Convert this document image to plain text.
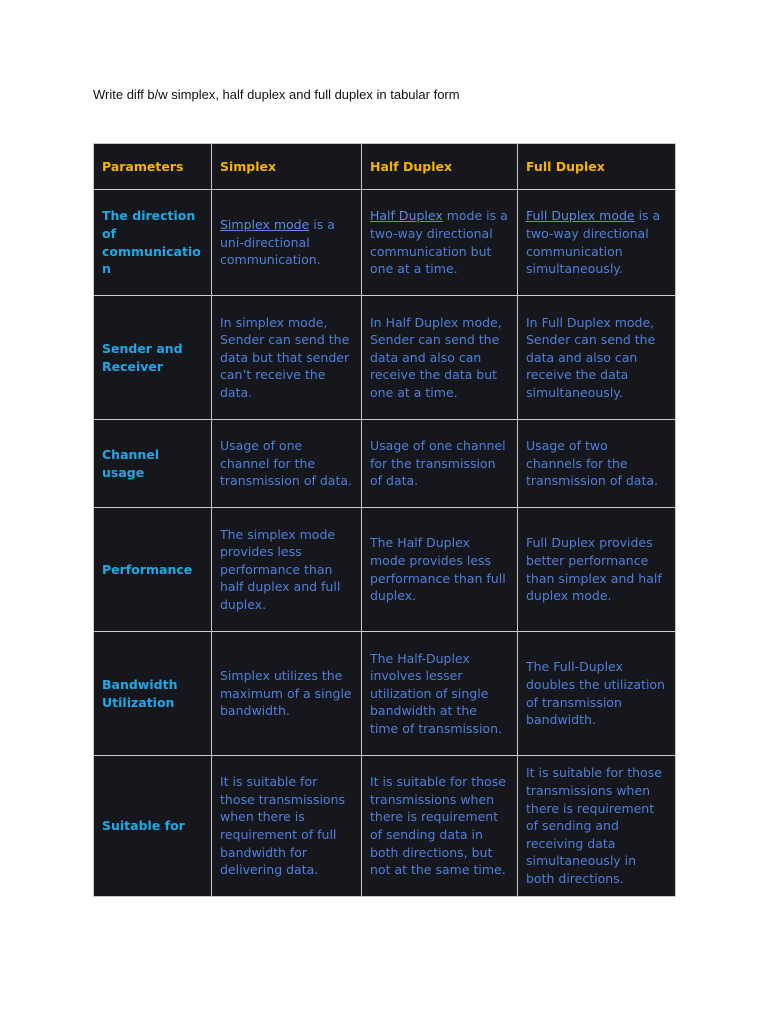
Write diff b/w simplex, half duplex and full duplex in tabular form
Parameters	Simplex	Half Duplex	Full Duplex
The direction of communication	Simplex mode is a uni-directional communication.	Half Duplex mode is a two-way directional communication but one at a time.	Full Duplex mode is a two-way directional communication simultaneously.
Sender and Receiver	In simplex mode, Sender can send the data but that sender can’t receive the data.	In Half Duplex mode, Sender can send the data and also can receive the data but one at a time.	In Full Duplex mode, Sender can send the data and also can receive the data simultaneously.
Channel usage	Usage of one channel for the transmission of data.	Usage of one channel for the transmission of data.	Usage of two channels for the transmission of data.
Performance	The simplex mode provides less performance than half duplex and full duplex.	The Half Duplex mode provides less performance than full duplex.	Full Duplex provides better performance than simplex and half duplex mode.
Bandwidth Utilization	Simplex utilizes the maximum of a single bandwidth.	The Half-Duplex involves lesser utilization of single bandwidth at the time of transmission.	The Full-Duplex doubles the utilization of transmission bandwidth.
Suitable for	It is suitable for those transmissions when there is requirement of full bandwidth for delivering data.	It is suitable for those transmissions when there is requirement of sending data in both directions, but not at the same time.	It is suitable for those transmissions when there is requirement of sending and receiving data simultaneously in both directions.
